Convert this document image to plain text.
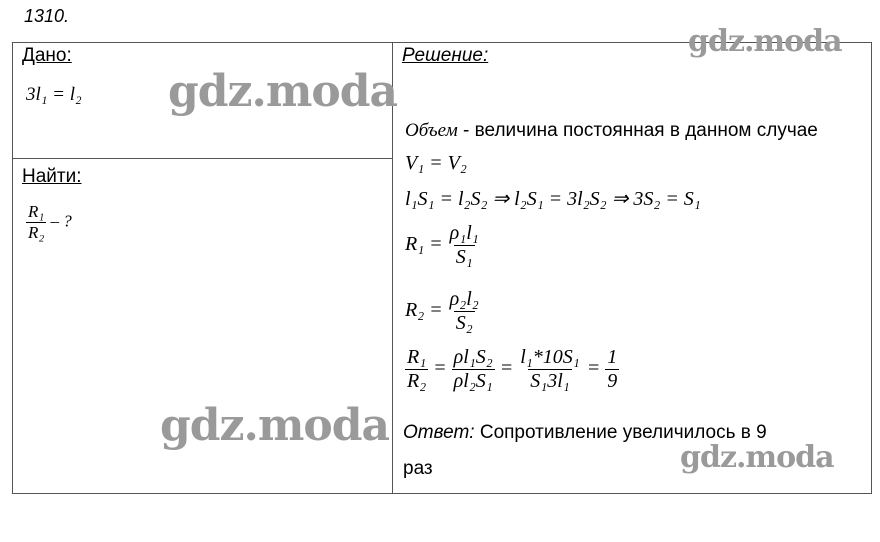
1310.
Дано:
3l₁ = l₂
Найти:
$\frac{\text{R₁}}{\text{R₂}}$ – ?
Решение:
Объем - величина постоянная в данном случае
V₁ = V₂
l₁S₁ = l₂S₂ ⇒ l₂S₁ = 3l₂S₂ ⇒ 3S₂ = S₁
$R_1 = \frac{\text{ρ₁l₁}}{\text{S₁}}$
$R_2 = \frac{\text{ρ₂l₂}}{\text{S₂}}$
$\frac{\text{R₁}}{\text{R₂}} = \frac{\text{ρl₁S₂}}{\text{ρl₂S₁}} = \frac{\text{l₁*10S₁}}{\text{S₁3l₁}} = \frac{1}{9}$
Ответ: Сопротивление увеличилось в 9
раз
gdz.moda
gdz.moda
gdz.moda
gdz.moda
